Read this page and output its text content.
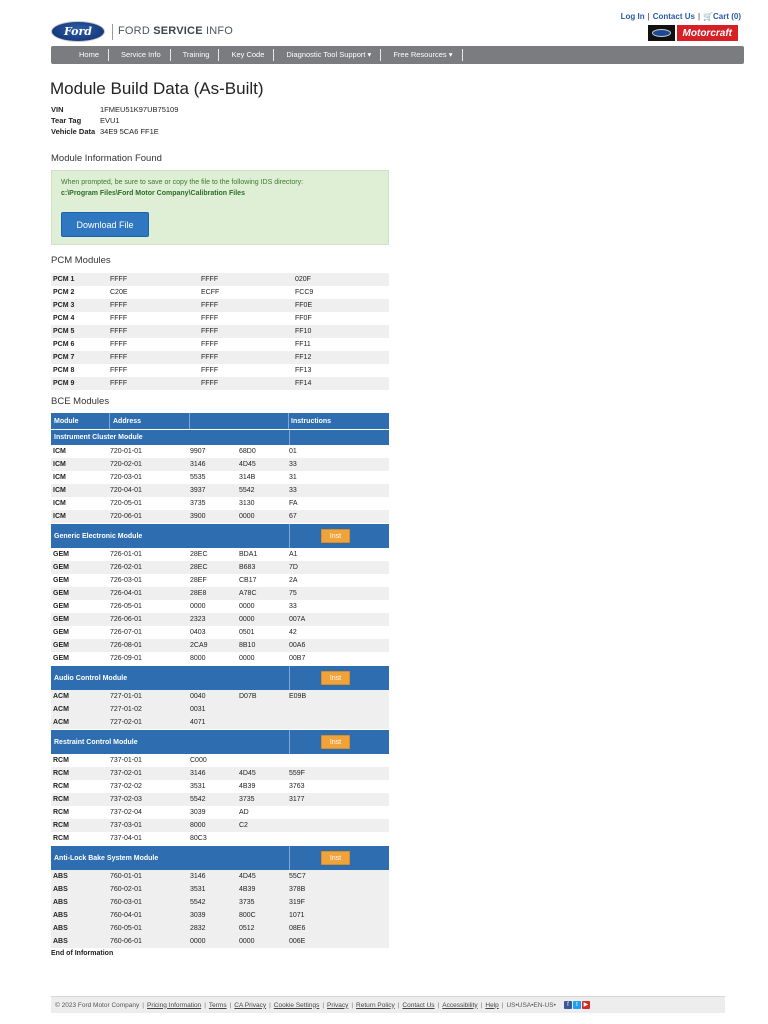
Ford	FORD SERVICE INFO
Log In | Contact Us | 🛒Cart (0)
Motorcraft
Home	Service Info	Training	Key Code	Diagnostic Tool Support ▾	Free Resources ▾
Module Build Data (As-Built)
VIN	1FMEU51K97UB75109
Tear Tag	EVU1
Vehicle Data 34E9 5CA6 FF1E
Module Information Found
When prompted, be sure to save or copy the file to the following IDS directory:
c:\Program Files\Ford Motor Company\Calibration Files
Download File
PCM Modules
PCM 1	FFFF	FFFF	020F
PCM 2	C20E	ECFF	FCC9
PCM 3	FFFF	FFFF	FF0E
PCM 4	FFFF	FFFF	FF0F
PCM 5	FFFF	FFFF	FF10
PCM 6	FFFF	FFFF	FF11
PCM 7	FFFF	FFFF	FF12
PCM 8	FFFF	FFFF	FF13
PCM 9	FFFF	FFFF	FF14
BCE Modules
Module	Address	Instructions
Instrument Cluster Module
ICM	720-01-01	9907	68D0	01
ICM	720-02-01	3146	4D45	33
ICM	720-03-01	5535	314B	31
ICM	720-04-01	3937	5542	33
ICM	720-05-01	3735	3130	FA
ICM	720-06-01	3900	0000	67
Generic Electronic Module	Inst
GEM	726-01-01	28EC	BDA1	A1
GEM	726-02-01	28EC	B683	7D
GEM	726-03-01	28EF	CB17	2A
GEM	726-04-01	28E8	A78C	75
GEM	726-05-01	0000	0000	33
GEM	726-06-01	2323	0000	007A
GEM	726-07-01	0403	0501	42
GEM	726-08-01	2CA9	8B10	00A6
GEM	726-09-01	8000	0000	00B7
Audio Control Module	Inst
ACM	727-01-01	0040	D07B	E09B
ACM	727-01-02	0031
ACM	727-02-01	4071
Restraint Control Module	Inst
RCM	737-01-01	C000
RCM	737-02-01	3146	4D45	559F
RCM	737-02-02	3531	4B39	3763
RCM	737-02-03	5542	3735	3177
RCM	737-02-04	3039	AD
RCM	737-03-01	8000	C2
RCM	737-04-01	80C3
Anti-Lock Bake System Module	Inst
ABS	760-01-01	3146	4D45	55C7
ABS	760-02-01	3531	4B39	378B
ABS	760-03-01	5542	3735	319F
ABS	760-04-01	3039	800C	1071
ABS	760-05-01	2832	0512	08E6
ABS	760-06-01	0000	0000	006E
End of Information
© 2023 Ford Motor Company | Pricing Information | Terms | CA Privacy | Cookie Settings | Privacy | Return Policy | Contact Us | Accessibility | Help | US•USA•EN-US•	f	t ▶
